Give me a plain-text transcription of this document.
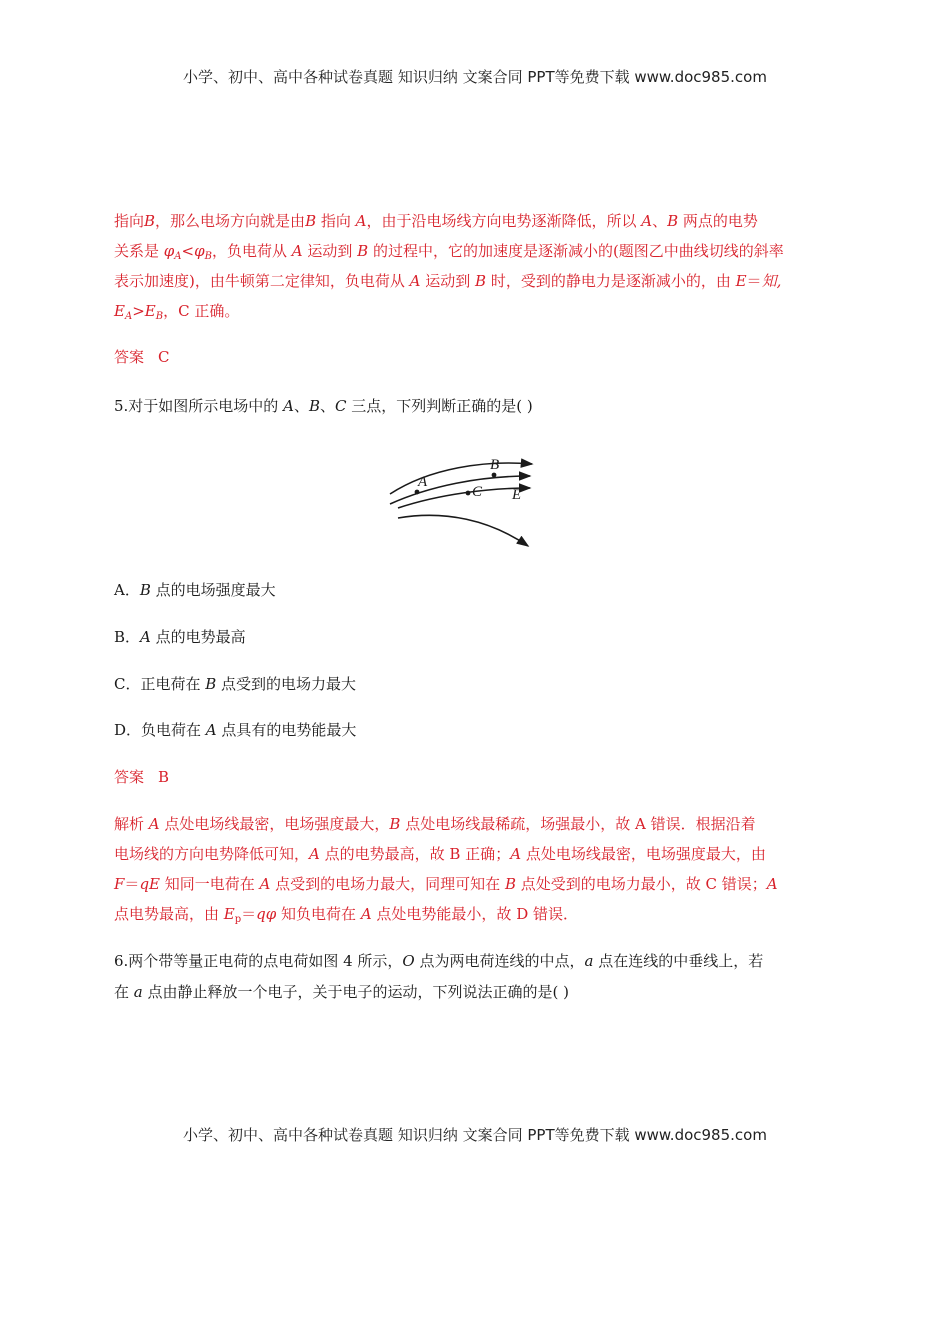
小学、初中、高中各种试卷真题 知识归纳 文案合同 PPT等免费下载 www.doc985.com
指向B，那么电场方向就是由B 指向 A，由于沿电场线方向电势逐渐降低，所以 A、B 两点的电势
关系是 $\varphi_A<\varphi_B$，负电荷从 A 运动到 B 的过程中，它的加速度是逐渐减小的(题图乙中曲线切线的斜率
表示加速度)，由牛顿第二定律知，负电荷从 A 运动到 B 时，受到的静电力是逐渐减小的，由 E＝知,
$E_A>E_B$，C 正确。
答案 C
5.对于如图所示电场中的 A、B、C 三点，下列判断正确的是( )
A
B
C E
A．B 点的电场强度最大
B．A 点的电势最高
C．正电荷在 B 点受到的电场力最大
D．负电荷在 A 点具有的电势能最大
答案 B
解析 A 点处电场线最密，电场强度最大，B 点处电场线最稀疏，场强最小，故 A 错误．根据沿着
电场线的方向电势降低可知，A 点的电势最高，故 B 正确；A 点处电场线最密，电场强度最大，由
F＝qE 知同一电荷在 A 点受到的电场力最大，同理可知在 B 点处受到的电场力最小，故 C 错误；A
点电势最高，由 $E_p=q\varphi$ 知负电荷在 A 点处电势能最小，故 D 错误．
6.两个带等量正电荷的点电荷如图 4 所示，O 点为两电荷连线的中点，a 点在连线的中垂线上，若
在 a 点由静止释放一个电子，关于电子的运动，下列说法正确的是( )
小学、初中、高中各种试卷真题 知识归纳 文案合同 PPT等免费下载 www.doc985.com
